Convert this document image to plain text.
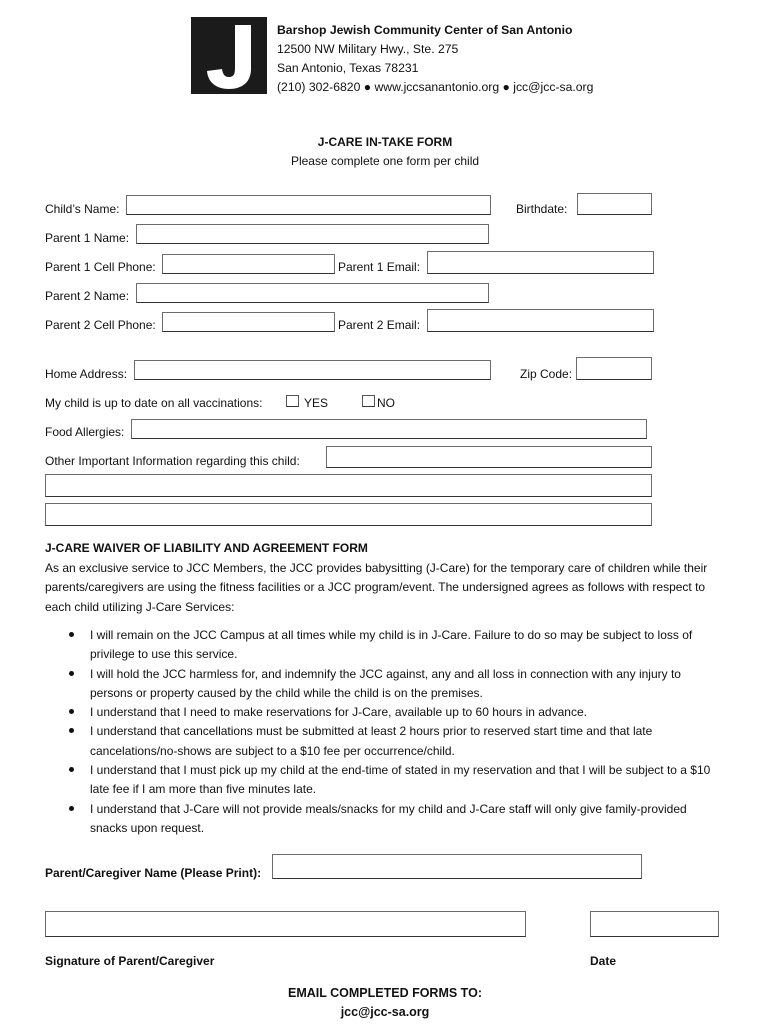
Barshop Jewish Community Center of San Antonio
12500 NW Military Hwy., Ste. 275
San Antonio, Texas 78231
(210) 302-6820 ● www.jccsanantonio.org ● jcc@jcc-sa.org
J-CARE IN-TAKE FORM
Please complete one form per child
Child’s Name:	Birthdate:
Parent 1 Name:
Parent 1 Cell Phone:	Parent 1 Email:
Parent 2 Name:
Parent 2 Cell Phone:	Parent 2 Email:
Home Address:	Zip Code:
My child is up to date on all vaccinations:	YES	NO
Food Allergies:
Other Important Information regarding this child:
J-CARE WAIVER OF LIABILITY AND AGREEMENT FORM
As an exclusive service to JCC Members, the JCC provides babysitting (J-Care) for the temporary care of children while their parents/caregivers are using the fitness facilities or a JCC program/event. The undersigned agrees as follows with respect to each child utilizing J-Care Services:
I will remain on the JCC Campus at all times while my child is in J-Care. Failure to do so may be subject to loss of privilege to use this service.
I will hold the JCC harmless for, and indemnify the JCC against, any and all loss in connection with any injury to persons or property caused by the child while the child is on the premises.
I understand that I need to make reservations for J-Care, available up to 60 hours in advance.
I understand that cancellations must be submitted at least 2 hours prior to reserved start time and that late cancelations/no-shows are subject to a $10 fee per occurrence/child.
I understand that I must pick up my child at the end-time of stated in my reservation and that I will be subject to a $10 late fee if I am more than five minutes late.
I understand that J-Care will not provide meals/snacks for my child and J-Care staff will only give family-provided snacks upon request.
Parent/Caregiver Name (Please Print):
Signature of Parent/Caregiver	Date
EMAIL COMPLETED FORMS TO:
jcc@jcc-sa.org
